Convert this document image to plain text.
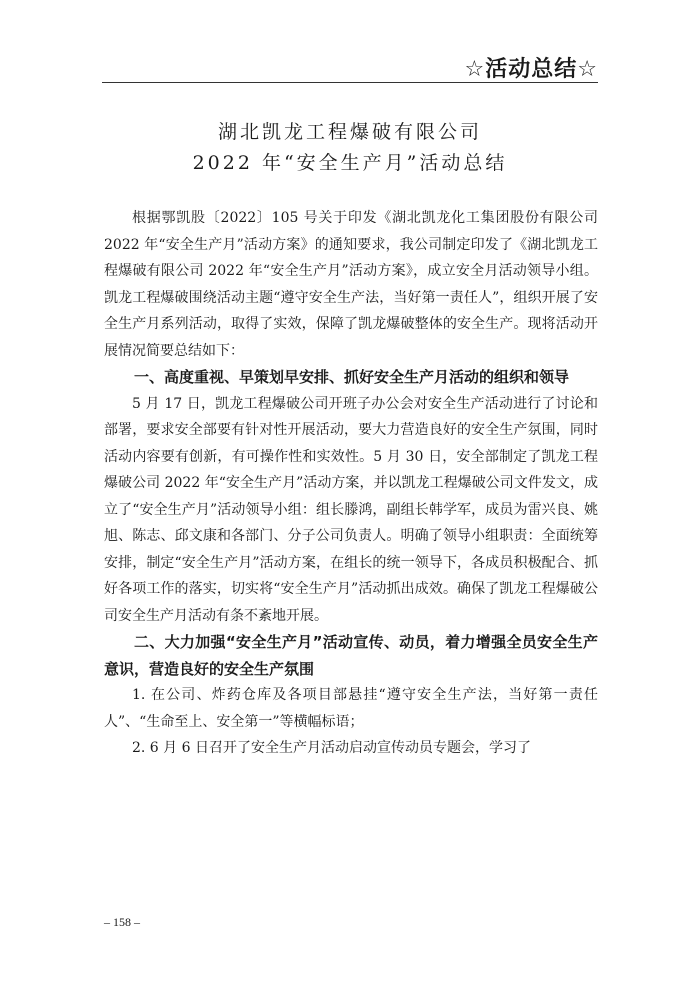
☆活动总结☆
湖北凯龙工程爆破有限公司
2022 年“安全生产月”活动总结

根据鄂凯股〔2022〕105 号关于印发《湖北凯龙化工集团股份有限公司 2022 年“安全生产月”活动方案》的通知要求，我公司制定印发了《湖北凯龙工程爆破有限公司 2022 年“安全生产月”活动方案》，成立安全月活动领导小组。凯龙工程爆破围绕活动主题“遵守安全生产法，当好第一责任人”，组织开展了安全生产月系列活动，取得了实效，保障了凯龙爆破整体的安全生产。现将活动开展情况简要总结如下：

一、高度重视、早策划早安排、抓好安全生产月活动的组织和领导

5 月 17 日，凯龙工程爆破公司开班子办公会对安全生产活动进行了讨论和部署，要求安全部要有针对性开展活动，要大力营造良好的安全生产氛围，同时活动内容要有创新，有可操作性和实效性。5 月 30 日，安全部制定了凯龙工程爆破公司 2022 年“安全生产月”活动方案，并以凯龙工程爆破公司文件发文，成立了“安全生产月”活动领导小组：组长滕鸿，副组长韩学军，成员为雷兴良、姚旭、陈志、邱文康和各部门、分子公司负责人。明确了领导小组职责：全面统筹安排，制定“安全生产月”活动方案，在组长的统一领导下，各成员积极配合、抓好各项工作的落实，切实将“安全生产月”活动抓出成效。确保了凯龙工程爆破公司安全生产月活动有条不紊地开展。

二、大力加强“安全生产月”活动宣传、动员，着力增强全员安全生产意识，营造良好的安全生产氛围

1. 在公司、炸药仓库及各项目部悬挂“遵守安全生产法，当好第一责任人”、“生命至上、安全第一”等横幅标语；

2. 6 月 6 日召开了安全生产月活动启动宣传动员专题会，学习了

– 158 –
